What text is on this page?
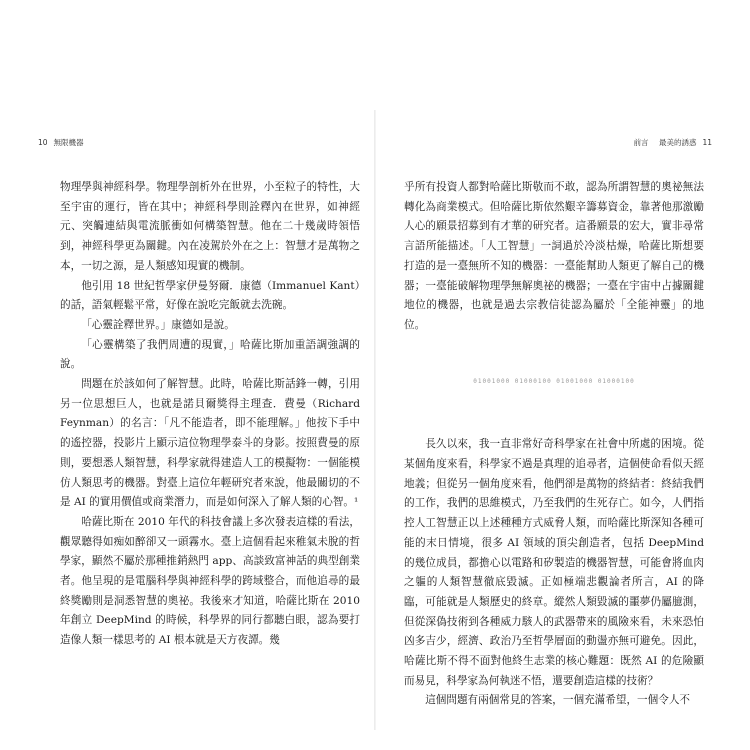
10 無限機器	前言 最美的誘惑 11

物理學與神經科學。物理學剖析外在世界，小至粒子的特性，大至宇宙的運行，皆在其中；神經科學則詮釋內在世界，如神經元、突觸連結與電流脈衝如何構築智慧。他在二十幾歲時領悟到，神經科學更為關鍵。內在凌駕於外在之上：智慧才是萬物之本，一切之源，是人類感知現實的機制。

他引用 18 世紀哲學家伊曼努爾．康德（Immanuel Kant）的話，語氣輕鬆平常，好像在說吃完飯就去洗碗。

「心靈詮釋世界。」康德如是說。

「心靈構築了我們周遭的現實，」哈薩比斯加重語調強調的說。

問題在於該如何了解智慧。此時，哈薩比斯話鋒一轉，引用另一位思想巨人，也就是諾貝爾獎得主理查．費曼（Richard Feynman）的名言：「凡不能造者，即不能理解。」他按下手中的遙控器，投影片上顯示這位物理學泰斗的身影。按照費曼的原則，要想悉人類智慧，科學家就得建造人工的模擬物：一個能模仿人類思考的機器。對臺上這位年輕研究者來說，他最關切的不是 AI 的實用價值或商業潛力，而是如何深入了解人類的心智。¹

哈薩比斯在 2010 年代的科技會議上多次發表這樣的看法，觀眾聽得如痴如醉卻又一頭霧水。臺上這個看起來稚氣未脫的哲學家，顯然不屬於那種推銷熱門 app、高談致富神話的典型創業者。他呈現的是電腦科學與神經科學的跨域整合，而他追尋的最終獎勵則是洞悉智慧的奧祕。我後來才知道，哈薩比斯在 2010 年創立 DeepMind 的時候，科學界的同行都聽白眼，認為要打造像人類一樣思考的 AI 根本就是天方夜譚。幾

乎所有投資人都對哈薩比斯敬而不敢，認為所謂智慧的奧祕無法轉化為商業模式。但哈薩比斯依然艱辛籌募資金，靠著他那激勵人心的願景招募到有才華的研究者。這番願景的宏大，實非尋常言語所能描述。「人工智慧」一詞過於冷淡枯燥，哈薩比斯想要打造的是一臺無所不知的機器：一臺能幫助人類更了解自己的機器；一臺能破解物理學無解奧祕的機器；一臺在宇宙中占據關鍵地位的機器，也就是過去宗教信徒認為屬於「全能神靈」的地位。

01001000 01000100 01001000 01000100

長久以來，我一直非常好奇科學家在社會中所處的困境。從某個角度來看，科學家不過是真理的追尋者，這個使命看似天經地義；但從另一個角度來看，他們卻是萬物的終結者：終結我們的工作，我們的思維模式，乃至我們的生死存亡。如今，人們指控人工智慧正以上述種種方式威脅人類，而哈薩比斯深知各種可能的末日情境，很多 AI 領域的頂尖創造者，包括 DeepMind 的幾位成員，都擔心以電路和矽製造的機器智慧，可能會將血肉之軀的人類智慧徹底毀滅。正如極端悲觀論者所言，AI 的降臨，可能就是人類歷史的終章。縱然人類毀滅的噩夢仍屬臆測，但從深偽技術到各種威力駭人的武器帶來的風險來看，未來恐怕凶多吉少，經濟、政治乃至哲學層面的動盪亦無可避免。因此，哈薩比斯不得不面對他終生志業的核心難題：既然 AI 的危險顯而易見，科學家為何執迷不悟，還要創造這樣的技術？

這個問題有兩個常見的答案，一個充滿希望，一個令人不
